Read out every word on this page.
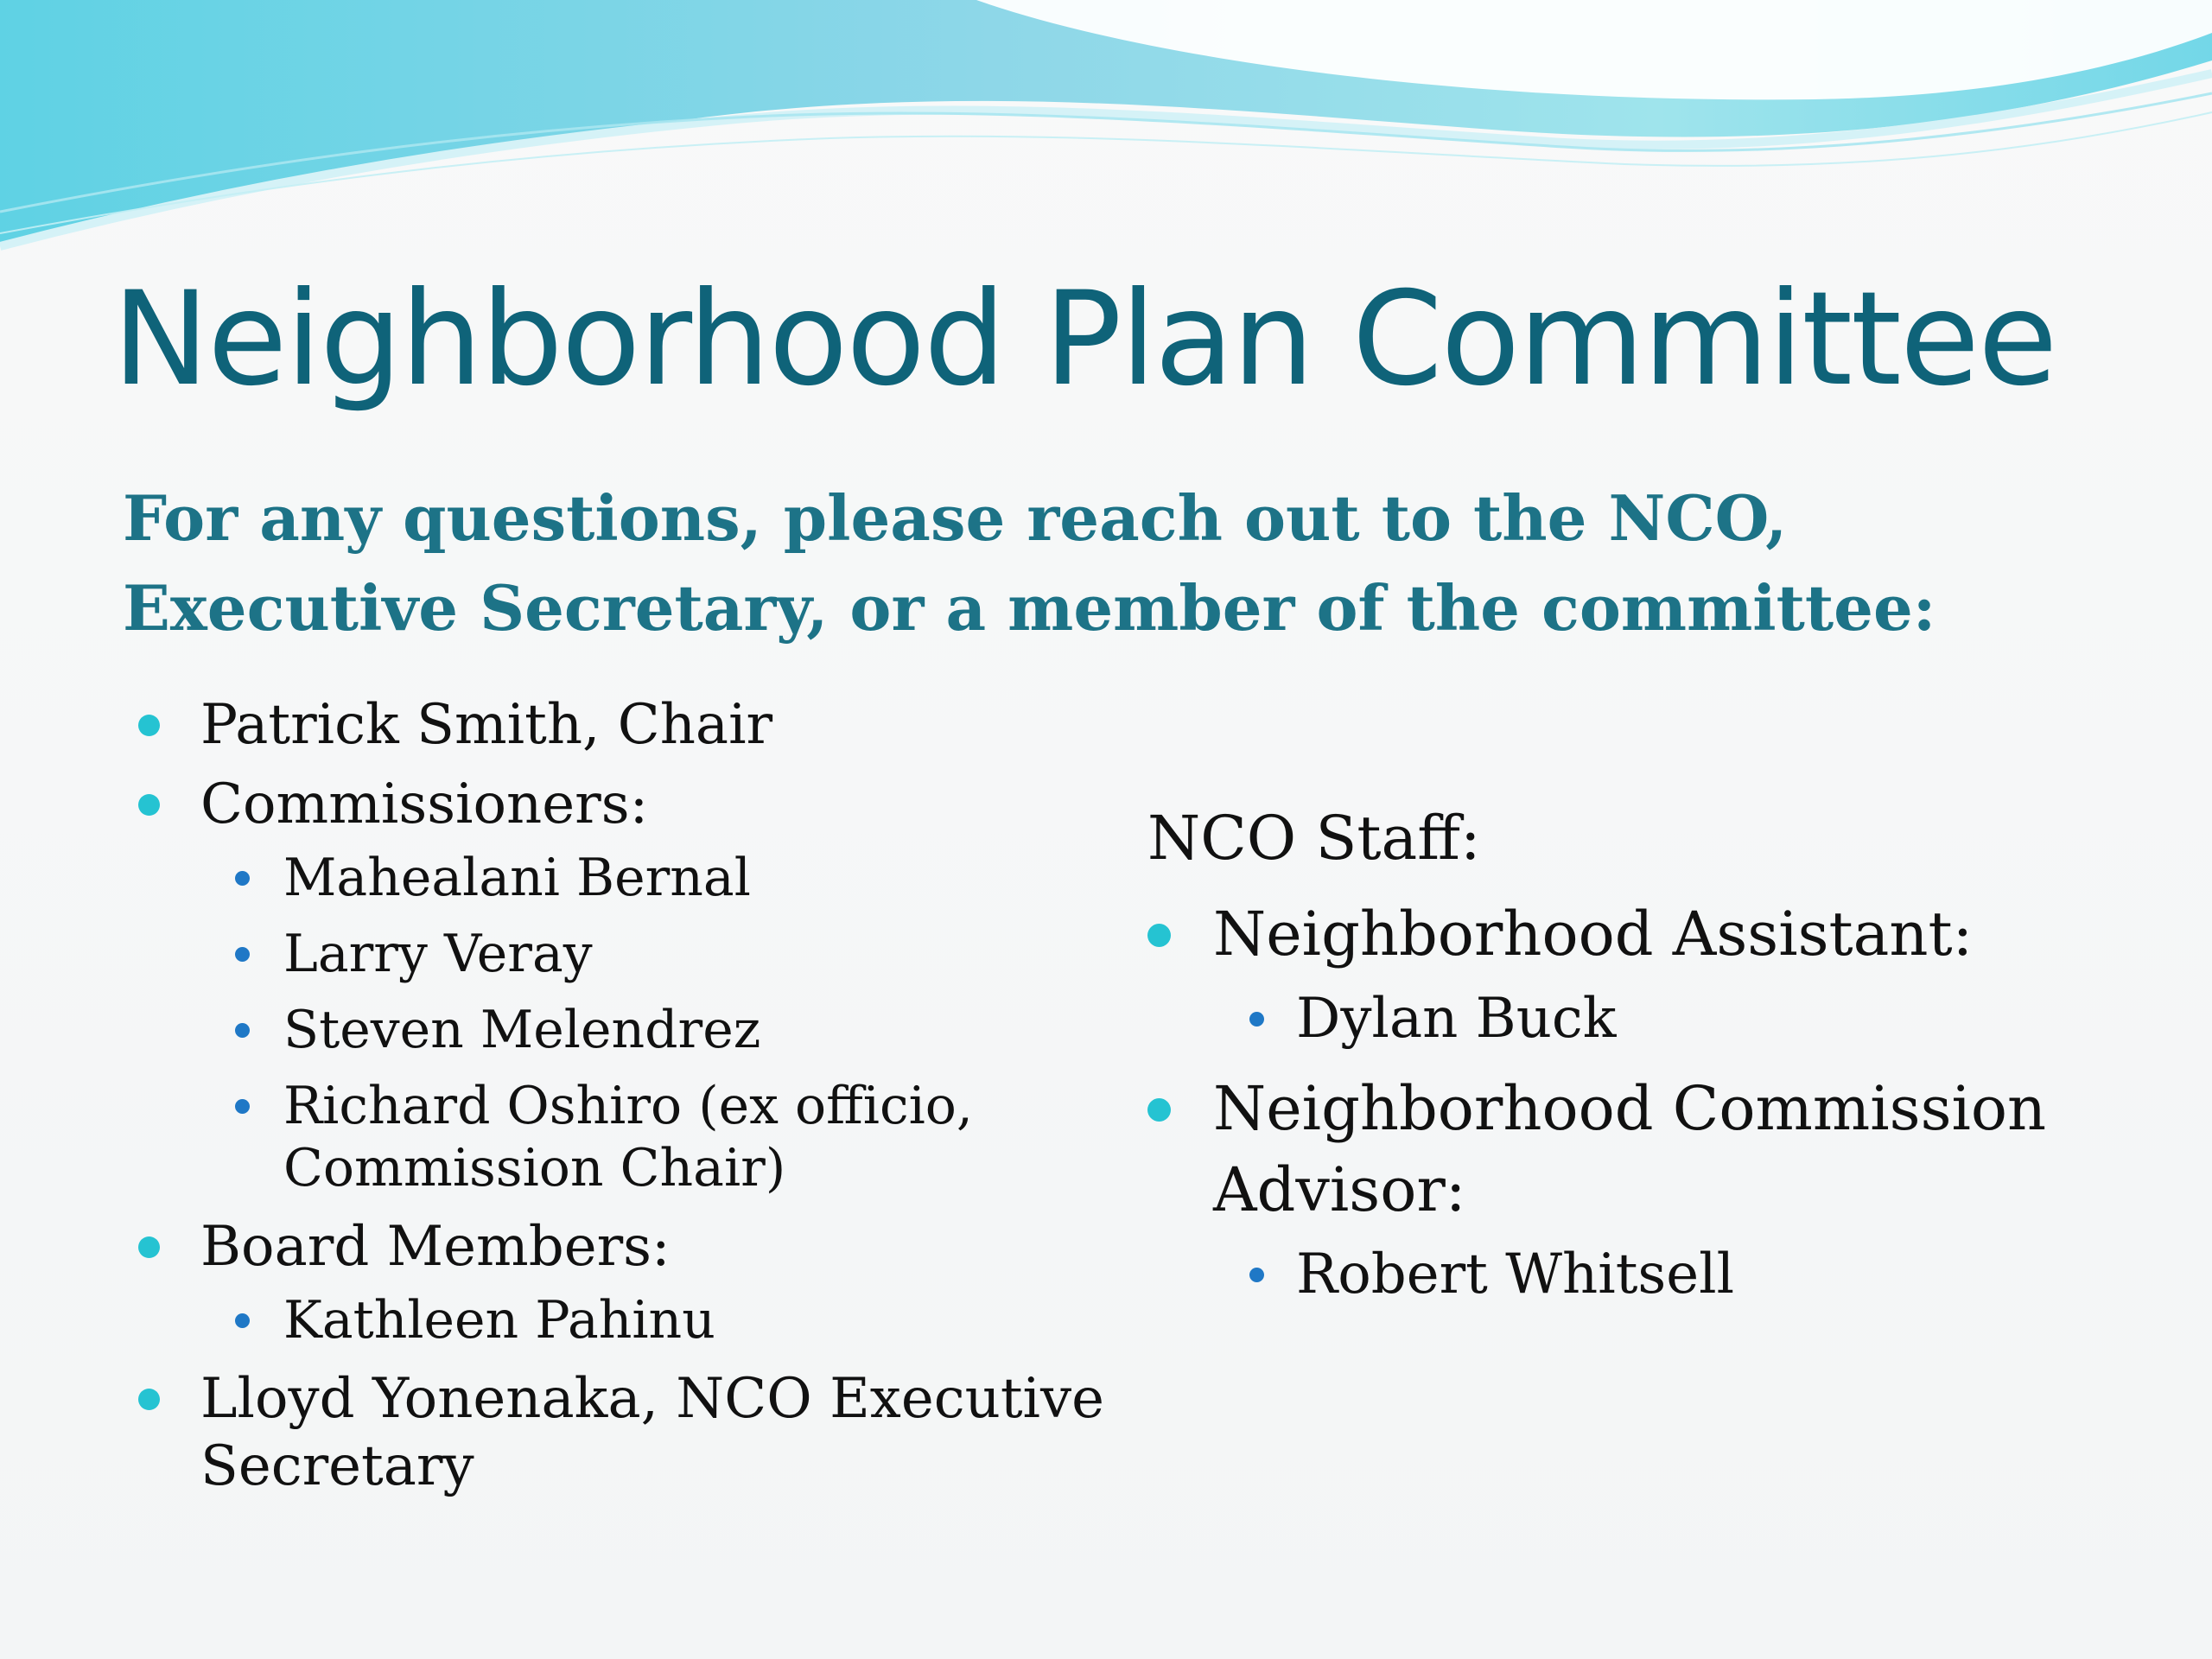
Neighborhood Plan Committee

For any questions, please reach out to the NCO, Executive Secretary, or a member of the committee:

Patrick Smith, Chair
Commissioners:
Mahealani Bernal
Larry Veray
Steven Melendrez
Richard Oshiro (ex officio, Commission Chair)
Board Members:
Kathleen Pahinu
Lloyd Yonenaka, NCO Executive Secretary

NCO Staff:

Neighborhood Assistant:
Dylan Buck
Neighborhood Commission Advisor:
Robert Whitsell
